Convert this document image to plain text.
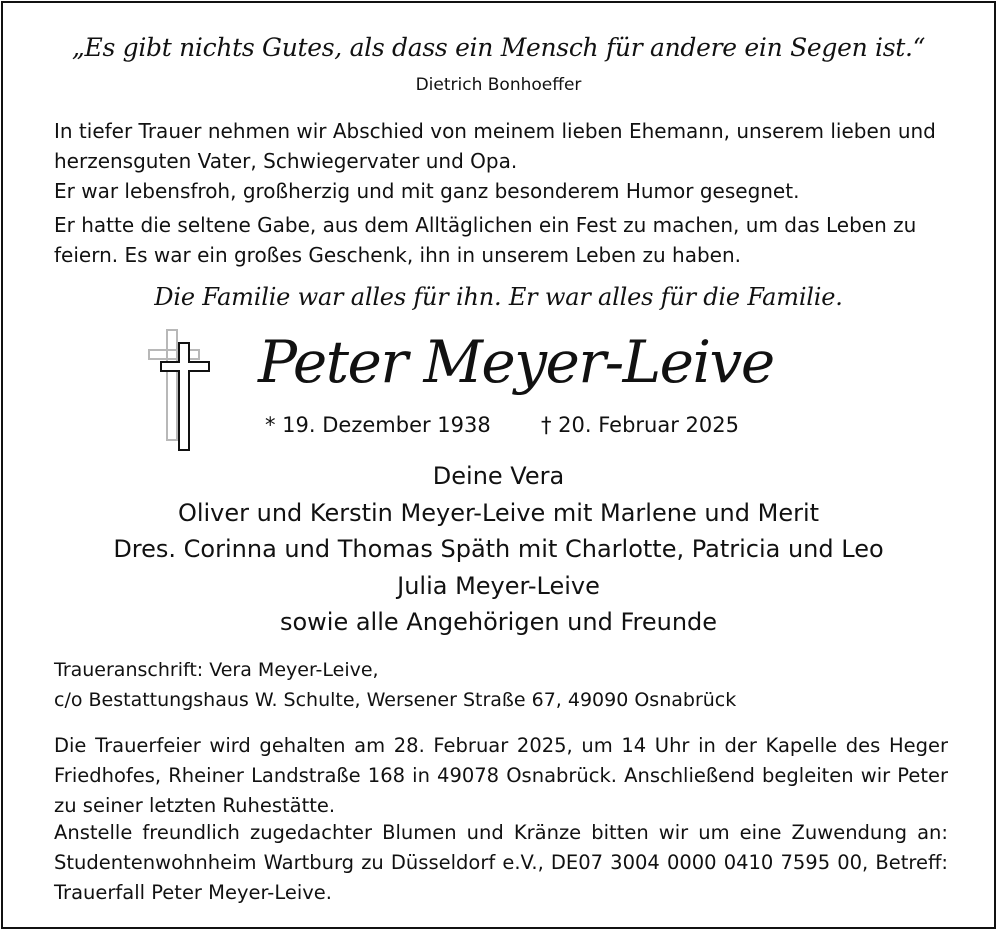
„Es gibt nichts Gutes, als dass ein Mensch für andere ein Segen ist.“
Dietrich Bonhoeffer

In tiefer Trauer nehmen wir Abschied von meinem lieben Ehemann, unserem lieben und herzensguten Vater, Schwiegervater und Opa.

Er war lebensfroh, großherzig und mit ganz besonderem Humor gesegnet.

Er hatte die seltene Gabe, aus dem Alltäglichen ein Fest zu machen, um das Leben zu feiern. Es war ein großes Geschenk, ihn in unserem Leben zu haben.

Die Familie war alles für ihn. Er war alles für die Familie.
Peter Meyer-Leive
* 19. Dezember 1938 † 20. Februar 2025
Deine Vera
Oliver und Kerstin Meyer-Leive mit Marlene und Merit
Dres. Corinna und Thomas Späth mit Charlotte, Patricia und Leo
Julia Meyer-Leive
sowie alle Angehörigen und Freunde
Traueranschrift: Vera Meyer-Leive,
c/o Bestattungshaus W. Schulte, Wersener Straße 67, 49090 Osnabrück

Die Trauerfeier wird gehalten am 28. Februar 2025, um 14 Uhr in der Kapelle des Heger Friedhofes, Rheiner Landstraße 168 in 49078 Osnabrück. Anschließend begleiten wir Peter zu seiner letzten Ruhestätte.

Anstelle freundlich zugedachter Blumen und Kränze bitten wir um eine Zuwendung an: Studentenwohnheim Wartburg zu Düsseldorf e.V., DE07 3004 0000 0410 7595 00, Betreff: Trauerfall Peter Meyer-Leive.
